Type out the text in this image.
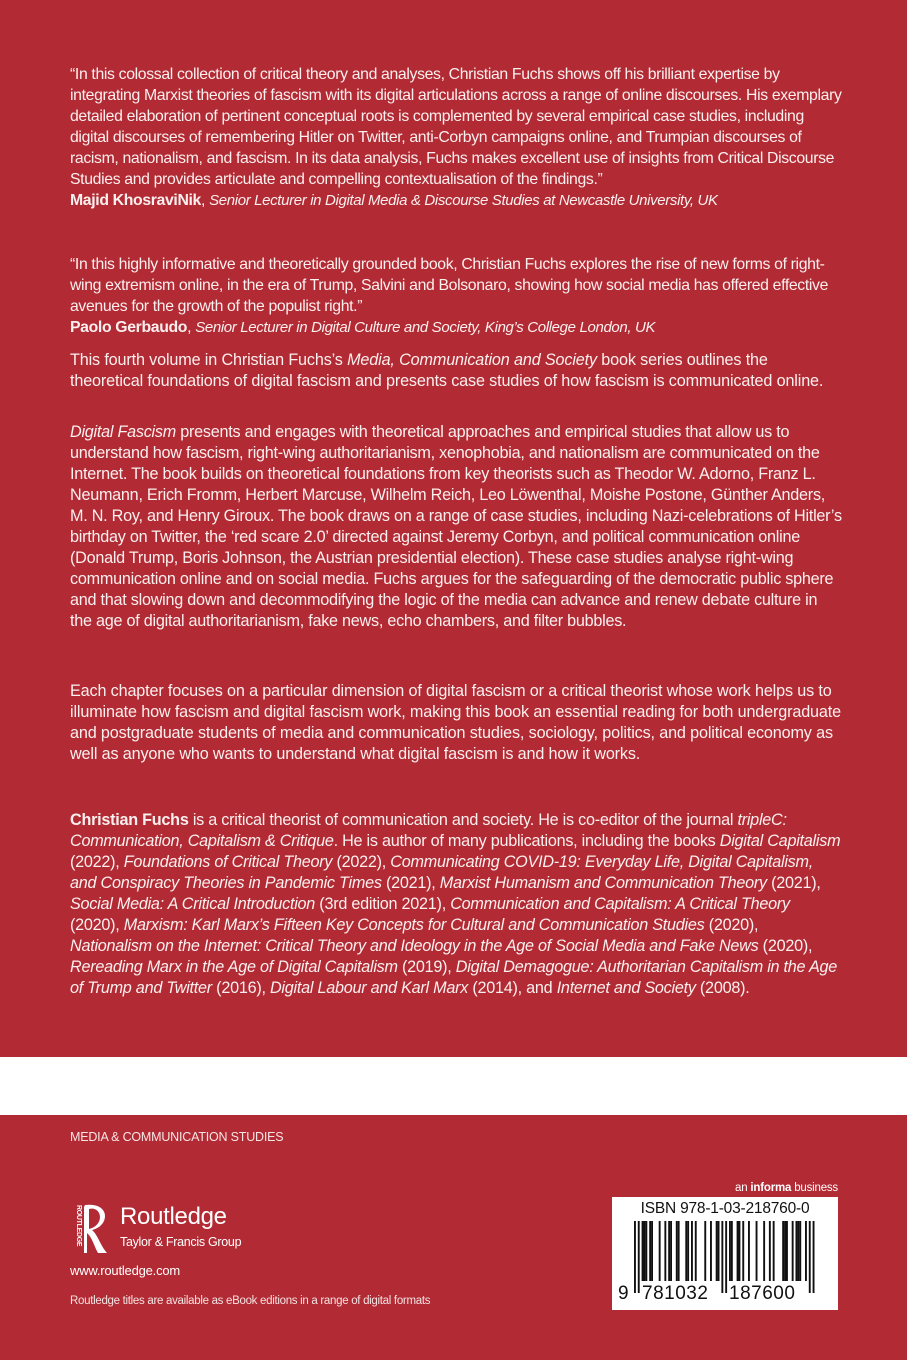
“In this colossal collection of critical theory and analyses, Christian Fuchs shows off his brilliant expertise by integrating Marxist theories of fascism with its digital articulations across a range of online discourses. His exemplary detailed elaboration of pertinent conceptual roots is complemented by several empirical case studies, including digital discourses of remembering Hitler on Twitter, anti-Corbyn campaigns online, and Trumpian discourses of racism, nationalism, and fascism. In its data analysis, Fuchs makes excellent use of insights from Critical Discourse Studies and provides articulate and compelling contextualisation of the findings.”

Majid KhosraviNik, Senior Lecturer in Digital Media & Discourse Studies at Newcastle University, UK

“In this highly informative and theoretically grounded book, Christian Fuchs explores the rise of new forms of right-wing extremism online, in the era of Trump, Salvini and Bolsonaro, showing how social media has offered effective avenues for the growth of the populist right.”

Paolo Gerbaudo, Senior Lecturer in Digital Culture and Society, King’s College London, UK

This fourth volume in Christian Fuchs’s Media, Communication and Society book series outlines the theoretical foundations of digital fascism and presents case studies of how fascism is communicated online.

Digital Fascism presents and engages with theoretical approaches and empirical studies that allow us to understand how fascism, right-wing authoritarianism, xenophobia, and nationalism are communicated on the Internet. The book builds on theoretical foundations from key theorists such as Theodor W. Adorno, Franz L. Neumann, Erich Fromm, Herbert Marcuse, Wilhelm Reich, Leo Löwenthal, Moishe Postone, Günther Anders, M. N. Roy, and Henry Giroux. The book draws on a range of case studies, including Nazi-celebrations of Hitler’s birthday on Twitter, the ‘red scare 2.0’ directed against Jeremy Corbyn, and political communication online (Donald Trump, Boris Johnson, the Austrian presidential election). These case studies analyse right-wing communication online and on social media. Fuchs argues for the safeguarding of the democratic public sphere and that slowing down and decommodifying the logic of the media can advance and renew debate culture in the age of digital authoritarianism, fake news, echo chambers, and filter bubbles.

Each chapter focuses on a particular dimension of digital fascism or a critical theorist whose work helps us to illuminate how fascism and digital fascism work, making this book an essential reading for both undergraduate and postgraduate students of media and communication studies, sociology, politics, and political economy as well as anyone who wants to understand what digital fascism is and how it works.

Christian Fuchs is a critical theorist of communication and society. He is co-editor of the journal tripleC: Communication, Capitalism & Critique. He is author of many publications, including the books Digital Capitalism (2022), Foundations of Critical Theory (2022), Communicating COVID-19: Everyday Life, Digital Capitalism, and Conspiracy Theories in Pandemic Times (2021), Marxist Humanism and Communication Theory (2021), Social Media: A Critical Introduction (3rd edition 2021), Communication and Capitalism: A Critical Theory (2020), Marxism: Karl Marx’s Fifteen Key Concepts for Cultural and Communication Studies (2020), Nationalism on the Internet: Critical Theory and Ideology in the Age of Social Media and Fake News (2020), Rereading Marx in the Age of Digital Capitalism (2019), Digital Demagogue: Authoritarian Capitalism in the Age of Trump and Twitter (2016), Digital Labour and Karl Marx (2014), and Internet and Society (2008).

MEDIA & COMMUNICATION STUDIES
ROUTLEDGE Routledge
Taylor & Francis Group
www.routledge.com
Routledge titles are available as eBook editions in a range of digital formats
an informa business
ISBN 978-1-03-218760-0
9 781032 187600
